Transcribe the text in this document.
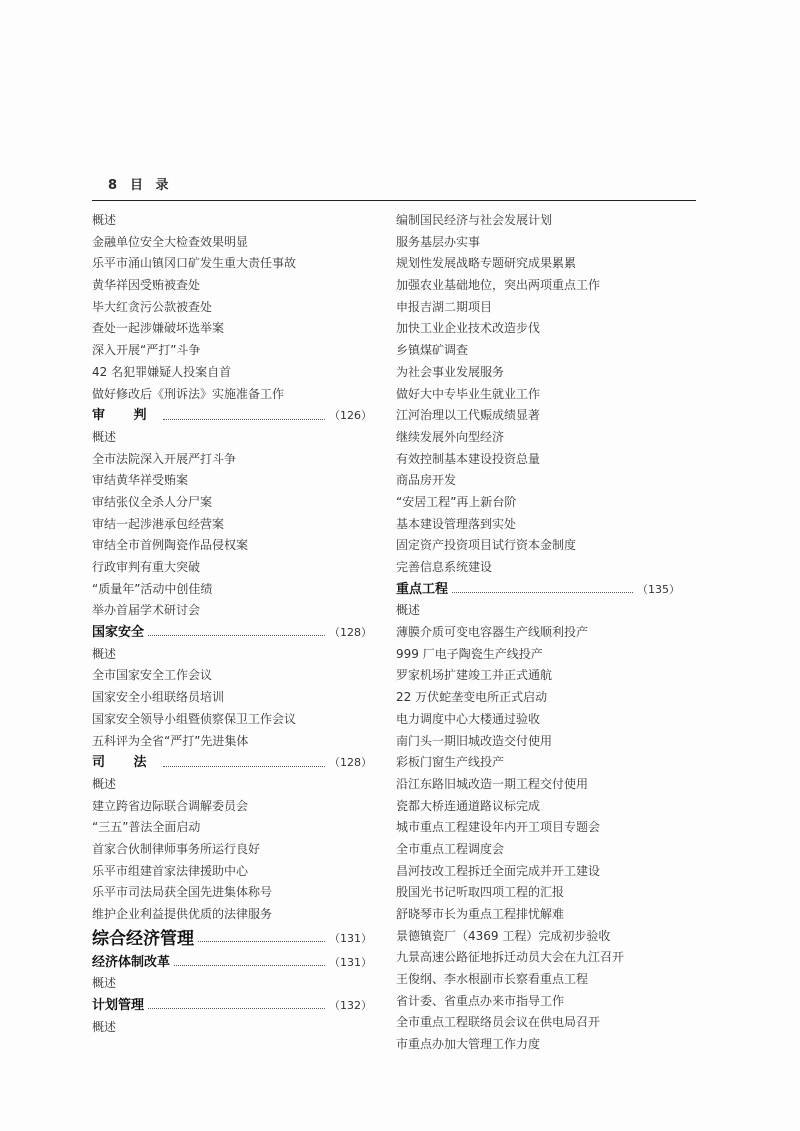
8 目 录
概述
金融单位安全大检查效果明显
乐平市涌山镇冈口矿发生重大责任事故
黄华祥因受贿被查处
毕大红贪污公款被查处
查处一起涉嫌破坏选举案
深入开展“严打”斗争
42 名犯罪嫌疑人投案自首
做好修改后《刑诉法》实施准备工作
审 判	（126）
概述
全市法院深入开展严打斗争
审结黄华祥受贿案
审结张仪全杀人分尸案
审结一起涉港承包经营案
审结全市首例陶瓷作品侵权案
行政审判有重大突破
“质量年”活动中创佳绩
举办首届学术研讨会
国家安全	（128）
概述
全市国家安全工作会议
国家安全小组联络员培训
国家安全领导小组暨侦察保卫工作会议
五科评为全省“严打”先进集体
司 法	（128）
概述
建立跨省边际联合调解委员会
“三五”普法全面启动
首家合伙制律师事务所运行良好
乐平市组建首家法律援助中心
乐平市司法局获全国先进集体称号
维护企业利益提供优质的法律服务
综合经济管理	（131）
经济体制改革	（131）
概述
计划管理	（132）
概述
编制国民经济与社会发展计划
服务基层办实事
规划性发展战略专题研究成果累累
加强农业基础地位，突出两项重点工作
申报吉湖二期项目
加快工业企业技术改造步伐
乡镇煤矿调查
为社会事业发展服务
做好大中专毕业生就业工作
江河治理以工代赈成绩显著
继续发展外向型经济
有效控制基本建设投资总量
商品房开发
“安居工程”再上新台阶
基本建设管理落到实处
固定资产投资项目试行资本金制度
完善信息系统建设
重点工程	（135）
概述
薄膜介质可变电容器生产线顺利投产
999 厂电子陶瓷生产线投产
罗家机场扩建竣工并正式通航
22 万伏蛇垄变电所正式启动
电力调度中心大楼通过验收
南门头一期旧城改造交付使用
彩板门窗生产线投产
沿江东路旧城改造一期工程交付使用
瓷都大桥连通道路议标完成
城市重点工程建设年内开工项目专题会
全市重点工程调度会
昌河技改工程拆迁全面完成并开工建设
殷国光书记听取四项工程的汇报
舒晓琴市长为重点工程排忧解难
景德镇瓷厂（4369 工程）完成初步验收
九景高速公路征地拆迁动员大会在九江召开
王俊纲、李水根副市长察看重点工程
省计委、省重点办来市指导工作
全市重点工程联络员会议在供电局召开
市重点办加大管理工作力度
